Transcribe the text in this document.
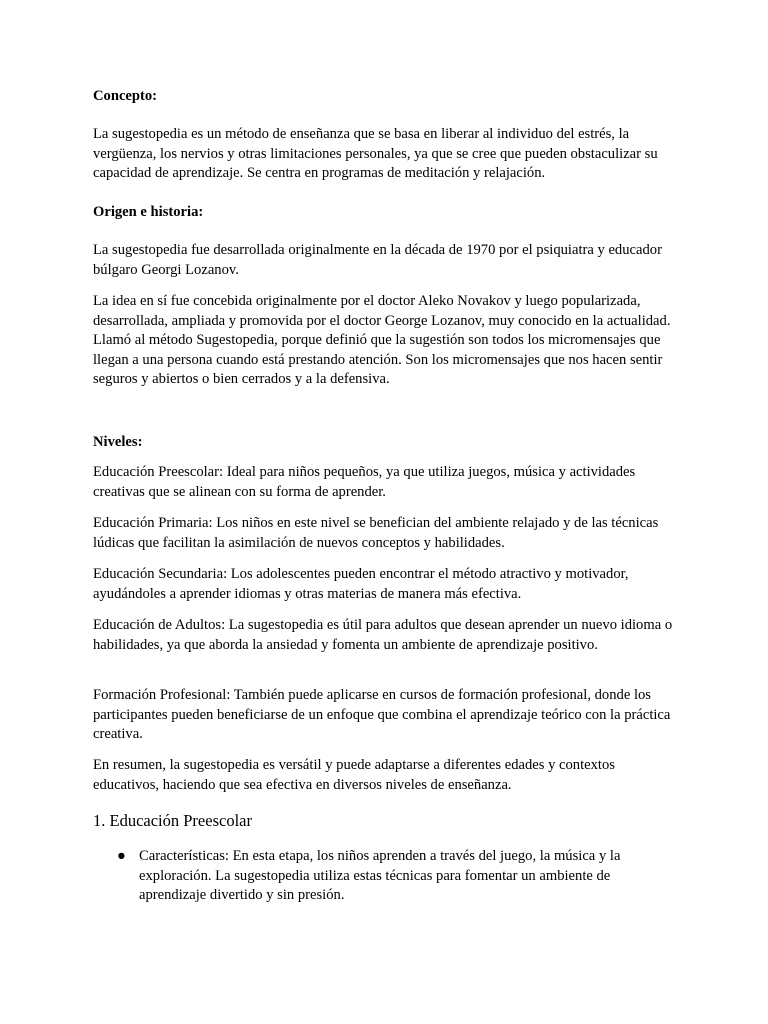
Concepto:

La sugestopedia es un método de enseñanza que se basa en liberar al individuo del estrés, la vergüenza, los nervios y otras limitaciones personales, ya que se cree que pueden obstaculizar su capacidad de aprendizaje. Se centra en programas de meditación y relajación.

Origen e historia:

La sugestopedia fue desarrollada originalmente en la década de 1970 por el psiquiatra y educador búlgaro Georgi Lozanov.

La idea en sí fue concebida originalmente por el doctor Aleko Novakov y luego popularizada, desarrollada, ampliada y promovida por el doctor George Lozanov, muy conocido en la actualidad. Llamó al método Sugestopedia, porque definió que la sugestión son todos los micromensajes que llegan a una persona cuando está prestando atención. Son los micromensajes que nos hacen sentir seguros y abiertos o bien cerrados y a la defensiva.

Niveles:

Educación Preescolar: Ideal para niños pequeños, ya que utiliza juegos, música y actividades creativas que se alinean con su forma de aprender.

Educación Primaria: Los niños en este nivel se benefician del ambiente relajado y de las técnicas lúdicas que facilitan la asimilación de nuevos conceptos y habilidades.

Educación Secundaria: Los adolescentes pueden encontrar el método atractivo y motivador, ayudándoles a aprender idiomas y otras materias de manera más efectiva.

Educación de Adultos: La sugestopedia es útil para adultos que desean aprender un nuevo idioma o habilidades, ya que aborda la ansiedad y fomenta un ambiente de aprendizaje positivo.

Formación Profesional: También puede aplicarse en cursos de formación profesional, donde los participantes pueden beneficiarse de un enfoque que combina el aprendizaje teórico con la práctica creativa.

En resumen, la sugestopedia es versátil y puede adaptarse a diferentes edades y contextos educativos, haciendo que sea efectiva en diversos niveles de enseñanza.

1. Educación Preescolar

● Características: En esta etapa, los niños aprenden a través del juego, la música y la exploración. La sugestopedia utiliza estas técnicas para fomentar un ambiente de aprendizaje divertido y sin presión.
